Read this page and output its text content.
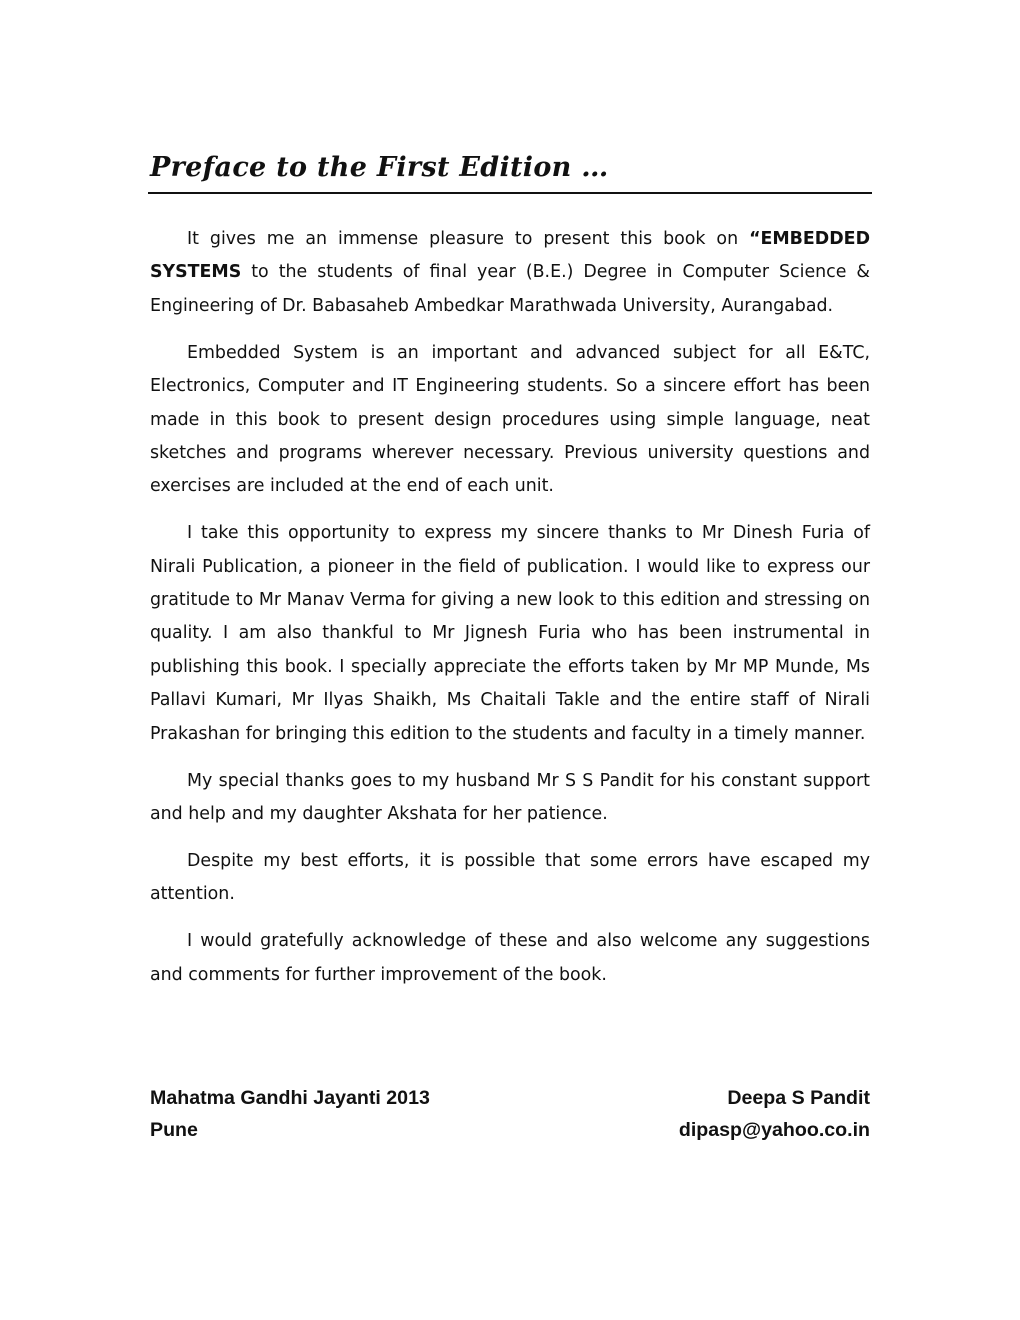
Preface to the First Edition …

It gives me an immense pleasure to present this book on “EMBEDDED SYSTEMS to the students of final year (B.E.) Degree in Computer Science & Engineering of Dr. Babasaheb Ambedkar Marathwada University, Aurangabad.

Embedded System is an important and advanced subject for all E&TC, Electronics, Computer and IT Engineering students. So a sincere effort has been made in this book to present design procedures using simple language, neat sketches and programs wherever necessary. Previous university questions and exercises are included at the end of each unit.

I take this opportunity to express my sincere thanks to Mr Dinesh Furia of Nirali Publication, a pioneer in the field of publication. I would like to express our gratitude to Mr Manav Verma for giving a new look to this edition and stressing on quality. I am also thankful to Mr Jignesh Furia who has been instrumental in publishing this book. I specially appreciate the efforts taken by Mr MP Munde, Ms Pallavi Kumari, Mr Ilyas Shaikh, Ms Chaitali Takle and the entire staff of Nirali Prakashan for bringing this edition to the students and faculty in a timely manner.

My special thanks goes to my husband Mr S S Pandit for his constant support and help and my daughter Akshata for her patience.

Despite my best efforts, it is possible that some errors have escaped my attention.

I would gratefully acknowledge of these and also welcome any suggestions and comments for further improvement of the book.

Mahatma Gandhi Jayanti 2013	Deepa S Pandit
Pune	dipasp@yahoo.co.in
